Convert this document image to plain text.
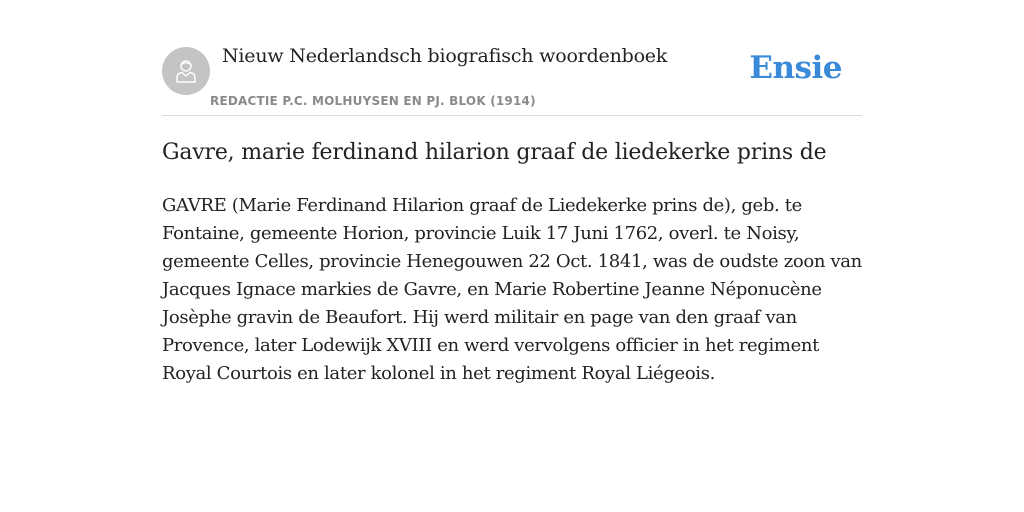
Nieuw Nederlandsch biografisch woordenboek
REDACTIE P.C. MOLHUYSEN EN PJ. BLOK (1914)
Ensie
Gavre, marie ferdinand hilarion graaf de liedekerke prins de

GAVRE (Marie Ferdinand Hilarion graaf de Liedekerke prins de), geb. te Fontaine, gemeente Horion, provincie Luik 17 Juni 1762, overl. te Noisy, gemeente Celles, provincie Henegouwen 22 Oct. 1841, was de oudste zoon van Jacques Ignace markies de Gavre, en Marie Robertine Jeanne Néponucène Josèphe gravin de Beaufort. Hij werd militair en page van den graaf van Provence, later Lodewijk XVIII en werd vervolgens officier in het regiment Royal Courtois en later kolonel in het regiment Royal Liégeois.
